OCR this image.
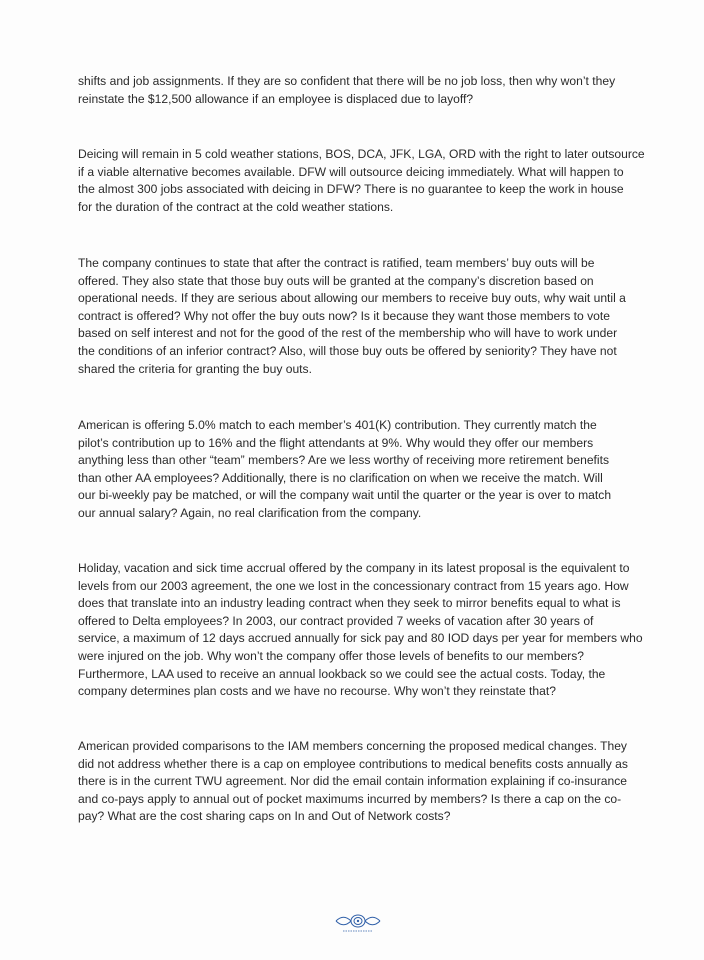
shifts and job assignments. If they are so confident that there will be no job loss, then why won’t they
reinstate the $12,500 allowance if an employee is displaced due to layoff?

Deicing will remain in 5 cold weather stations, BOS, DCA, JFK, LGA, ORD with the right to later outsource
if a viable alternative becomes available. DFW will outsource deicing immediately. What will happen to
the almost 300 jobs associated with deicing in DFW? There is no guarantee to keep the work in house
for the duration of the contract at the cold weather stations.

The company continues to state that after the contract is ratified, team members’ buy outs will be
offered. They also state that those buy outs will be granted at the company’s discretion based on
operational needs. If they are serious about allowing our members to receive buy outs, why wait until a
contract is offered? Why not offer the buy outs now? Is it because they want those members to vote
based on self interest and not for the good of the rest of the membership who will have to work under
the conditions of an inferior contract? Also, will those buy outs be offered by seniority? They have not
shared the criteria for granting the buy outs.

American is offering 5.0% match to each member’s 401(K) contribution. They currently match the
pilot’s contribution up to 16% and the flight attendants at 9%. Why would they offer our members
anything less than other “team” members? Are we less worthy of receiving more retirement benefits
than other AA employees? Additionally, there is no clarification on when we receive the match. Will
our bi-weekly pay be matched, or will the company wait until the quarter or the year is over to match
our annual salary? Again, no real clarification from the company.

Holiday, vacation and sick time accrual offered by the company in its latest proposal is the equivalent to
levels from our 2003 agreement, the one we lost in the concessionary contract from 15 years ago. How
does that translate into an industry leading contract when they seek to mirror benefits equal to what is
offered to Delta employees? In 2003, our contract provided 7 weeks of vacation after 30 years of
service, a maximum of 12 days accrued annually for sick pay and 80 IOD days per year for members who
were injured on the job. Why won’t the company offer those levels of benefits to our members?
Furthermore, LAA used to receive an annual lookback so we could see the actual costs. Today, the
company determines plan costs and we have no recourse. Why won’t they reinstate that?

American provided comparisons to the IAM members concerning the proposed medical changes. They
did not address whether there is a cap on employee contributions to medical benefits costs annually as
there is in the current TWU agreement. Nor did the email contain information explaining if co-insurance
and co-pays apply to annual out of pocket maximums incurred by members? Is there a cap on the co-
pay? What are the cost sharing caps on In and Out of Network costs?
